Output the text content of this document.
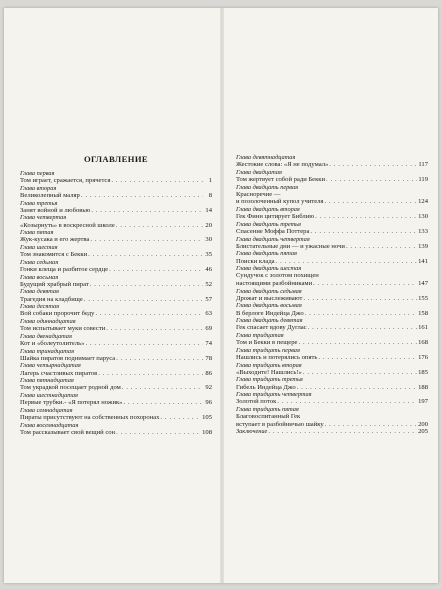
ОГЛАВЛЕНИЕ
Глава первая
Том играет, сражается, прячется . . .	1
Глава вторая
Великолепный маляр . . .	8
Глава третья
Занят войной и любовью . . .	14
Глава четвертая
«Козырнуть» в воскресной школе . . .	20
Глава пятая
Жук-кусака и его жертва . . .	30
Глава шестая
Том знакомится с Бекки . . .	35
Глава седьмая
Гонки клеща и разбитое сердце . . .	46
Глава восьмая
Будущий храбрый пират . . .	52
Глава девятая
Трагедия на кладбище . . .	57
Глава десятая
Вой собаки пророчит беду . . .	63
Глава одиннадцатая
Том испытывает муки совести . . .	69
Глава двенадцатая
Кот и «болеутолитель» . . .	74
Глава тринадцатая
Шайка пиратов поднимает паруса . . .	78
Глава четырнадцатая
Лагерь счастливых пиратов . . .	86
Глава пятнадцатая
Том украдкой посещает родной дом . . .	92
Глава шестнадцатая
Первые трубки.- «Я потерял ножик» . . .	96
Глава семнадцатая
Пираты присутствуют на собственных похоронах . . .	105
Глава восемнадцатая
Том рассказывает свой вещий сон . . .	108
Глава девятнадцатая
Жестокие слова: «Я не подумал» . . .	117
Глава двадцатая
Том жертвует собой ради Бекки . . .	119
Глава двадцать первая
Красноречие —
и позолоченный купол учителя . . .	124
Глава двадцать вторая
Гек Финн цитирует Библию . . .	130
Глава двадцать третья
Спасение Моффа Поттера . . .	133
Глава двадцать четвертая
Блистательные дни — и ужасные ночи . . .	139
Глава двадцать пятая
Поиски клада . . .	141
Глава двадцать шестая
Сундучок с золотом похищен
настоящими разбойниками . . .	147
Глава двадцать седьмая
Дрожат и выслеживают . . .	155
Глава двадцать восьмая
В берлоге Индейца Джо . . .	158
Глава двадцать девятая
Гек спасает вдову Дуглас . . .	161
Глава тридцатая
Том и Бекки в пещере . . .	168
Глава тридцать первая
Нашлись и потерялись опять . . .	176
Глава тридцать вторая
«Выходите! Нашлись!» . . .	185
Глава тридцать третья
Гибель Индейца Джо . . .	188
Глава тридцать четвертая
Золотой поток . . .	197
Глава тридцать пятая
Благовоспитанный Гек
вступает в разбойничью шайку . . .	200
Заключение . . .	205
